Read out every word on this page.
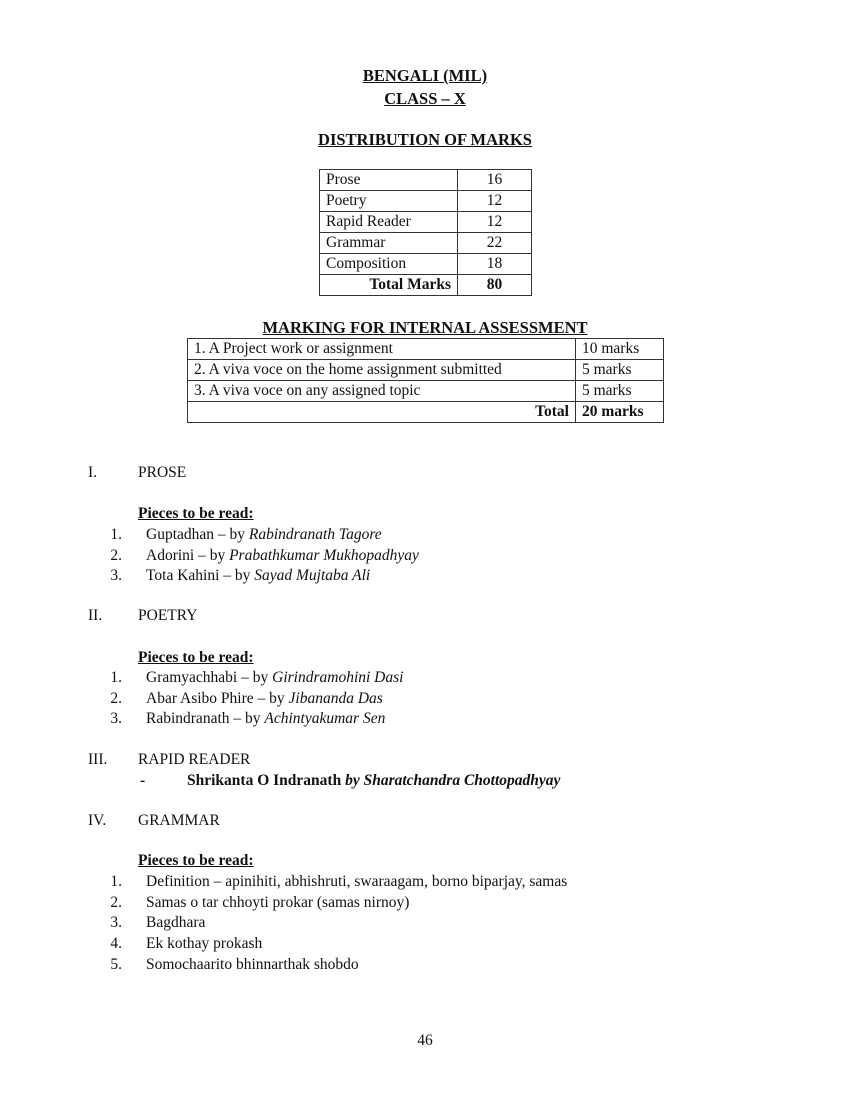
BENGALI (MIL)
CLASS – X
DISTRIBUTION OF MARKS
Prose	16
Poetry	12
Rapid Reader	12
Grammar	22
Composition	18
Total Marks	80
MARKING FOR INTERNAL ASSESSMENT
1. A Project work or assignment	10 marks
2. A viva voce on the home assignment submitted	5 marks
3. A viva voce on any assigned topic	5 marks
Total	20 marks
I.	PROSE
Pieces to be read:
1. Guptadhan – by Rabindranath Tagore
2. Adorini – by Prabathkumar Mukhopadhyay
3. Tota Kahini – by Sayad Mujtaba Ali
II. POETRY
Pieces to be read:
1. Gramyachhabi – by Girindramohini Dasi
2. Abar Asibo Phire – by Jibananda Das
3. Rabindranath – by Achintyakumar Sen
III. RAPID READER
-	Shrikanta O Indranath by Sharatchandra Chottopadhyay
IV. GRAMMAR
Pieces to be read:
1. Definition – apinihiti, abhishruti, swaraagam, borno biparjay, samas
2. Samas o tar chhoyti prokar (samas nirnoy)
3. Bagdhara
4. Ek kothay prokash
5. Somochaarito bhinnarthak shobdo
46
